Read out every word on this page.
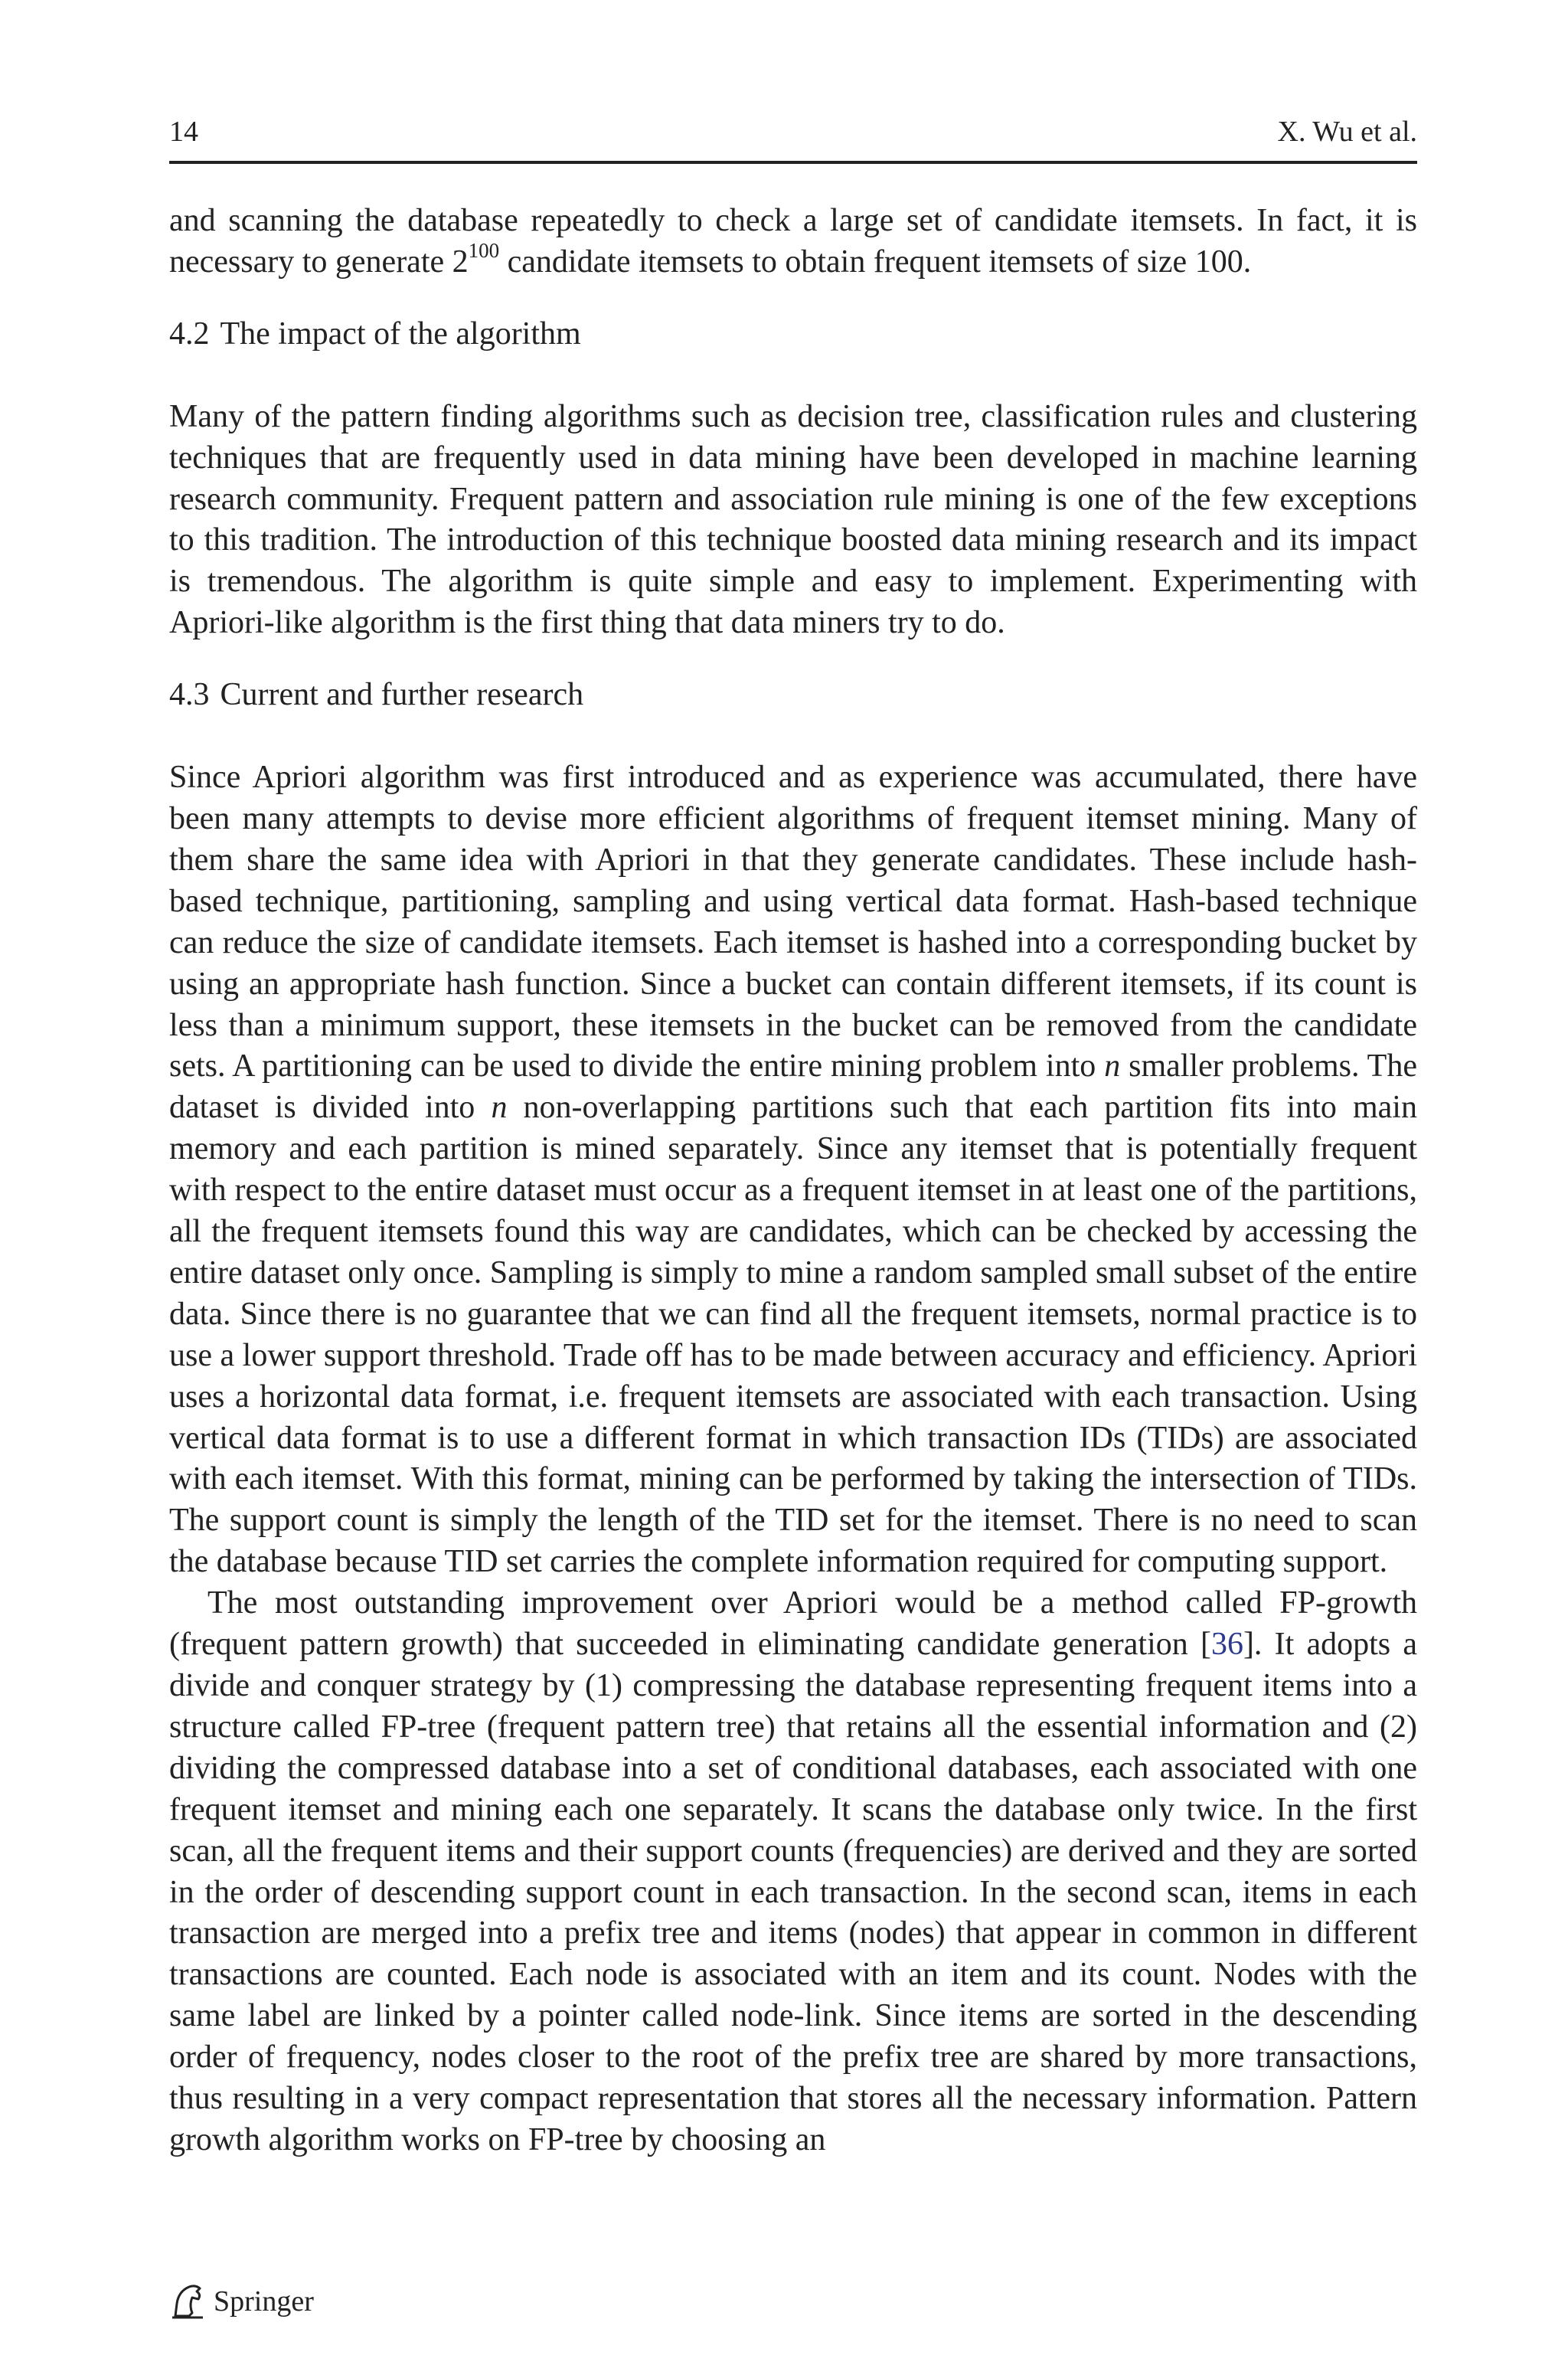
14	X. Wu et al.

and scanning the database repeatedly to check a large set of candidate itemsets. In fact, it is necessary to generate $2^{100}$ candidate itemsets to obtain frequent itemsets of size 100.

4.2 The impact of the algorithm

Many of the pattern finding algorithms such as decision tree, classification rules and clustering techniques that are frequently used in data mining have been developed in machine learning research community. Frequent pattern and association rule mining is one of the few exceptions to this tradition. The introduction of this technique boosted data mining research and its impact is tremendous. The algorithm is quite simple and easy to implement. Experimenting with Apriori-like algorithm is the first thing that data miners try to do.

4.3 Current and further research

Since Apriori algorithm was first introduced and as experience was accumulated, there have been many attempts to devise more efficient algorithms of frequent itemset mining. Many of them share the same idea with Apriori in that they generate candidates. These include hash-based technique, partitioning, sampling and using vertical data format. Hash-based technique can reduce the size of candidate itemsets. Each itemset is hashed into a corresponding bucket by using an appropriate hash function. Since a bucket can contain different itemsets, if its count is less than a minimum support, these itemsets in the bucket can be removed from the candidate sets. A partitioning can be used to divide the entire mining problem into n smaller problems. The dataset is divided into n non-overlapping partitions such that each partition fits into main memory and each partition is mined separately. Since any itemset that is potentially frequent with respect to the entire dataset must occur as a frequent itemset in at least one of the partitions, all the frequent itemsets found this way are candidates, which can be checked by accessing the entire dataset only once. Sampling is simply to mine a random sampled small subset of the entire data. Since there is no guarantee that we can find all the frequent itemsets, normal practice is to use a lower support threshold. Trade off has to be made between accuracy and efficiency. Apriori uses a horizontal data format, i.e. frequent itemsets are associated with each transaction. Using vertical data format is to use a different format in which transaction IDs (TIDs) are associated with each itemset. With this format, mining can be performed by taking the intersection of TIDs. The support count is simply the length of the TID set for the itemset. There is no need to scan the database because TID set carries the complete information required for computing support.

The most outstanding improvement over Apriori would be a method called FP-growth (frequent pattern growth) that succeeded in eliminating candidate generation [36]. It adopts a divide and conquer strategy by (1) compressing the database representing frequent items into a structure called FP-tree (frequent pattern tree) that retains all the essential information and (2) dividing the compressed database into a set of conditional databases, each associated with one frequent itemset and mining each one separately. It scans the database only twice. In the first scan, all the frequent items and their support counts (frequencies) are derived and they are sorted in the order of descending support count in each transaction. In the second scan, items in each transaction are merged into a prefix tree and items (nodes) that appear in common in different transactions are counted. Each node is associated with an item and its count. Nodes with the same label are linked by a pointer called node-link. Since items are sorted in the descending order of frequency, nodes closer to the root of the prefix tree are shared by more transactions, thus resulting in a very compact representation that stores all the necessary information. Pattern growth algorithm works on FP-tree by choosing an

Springer
